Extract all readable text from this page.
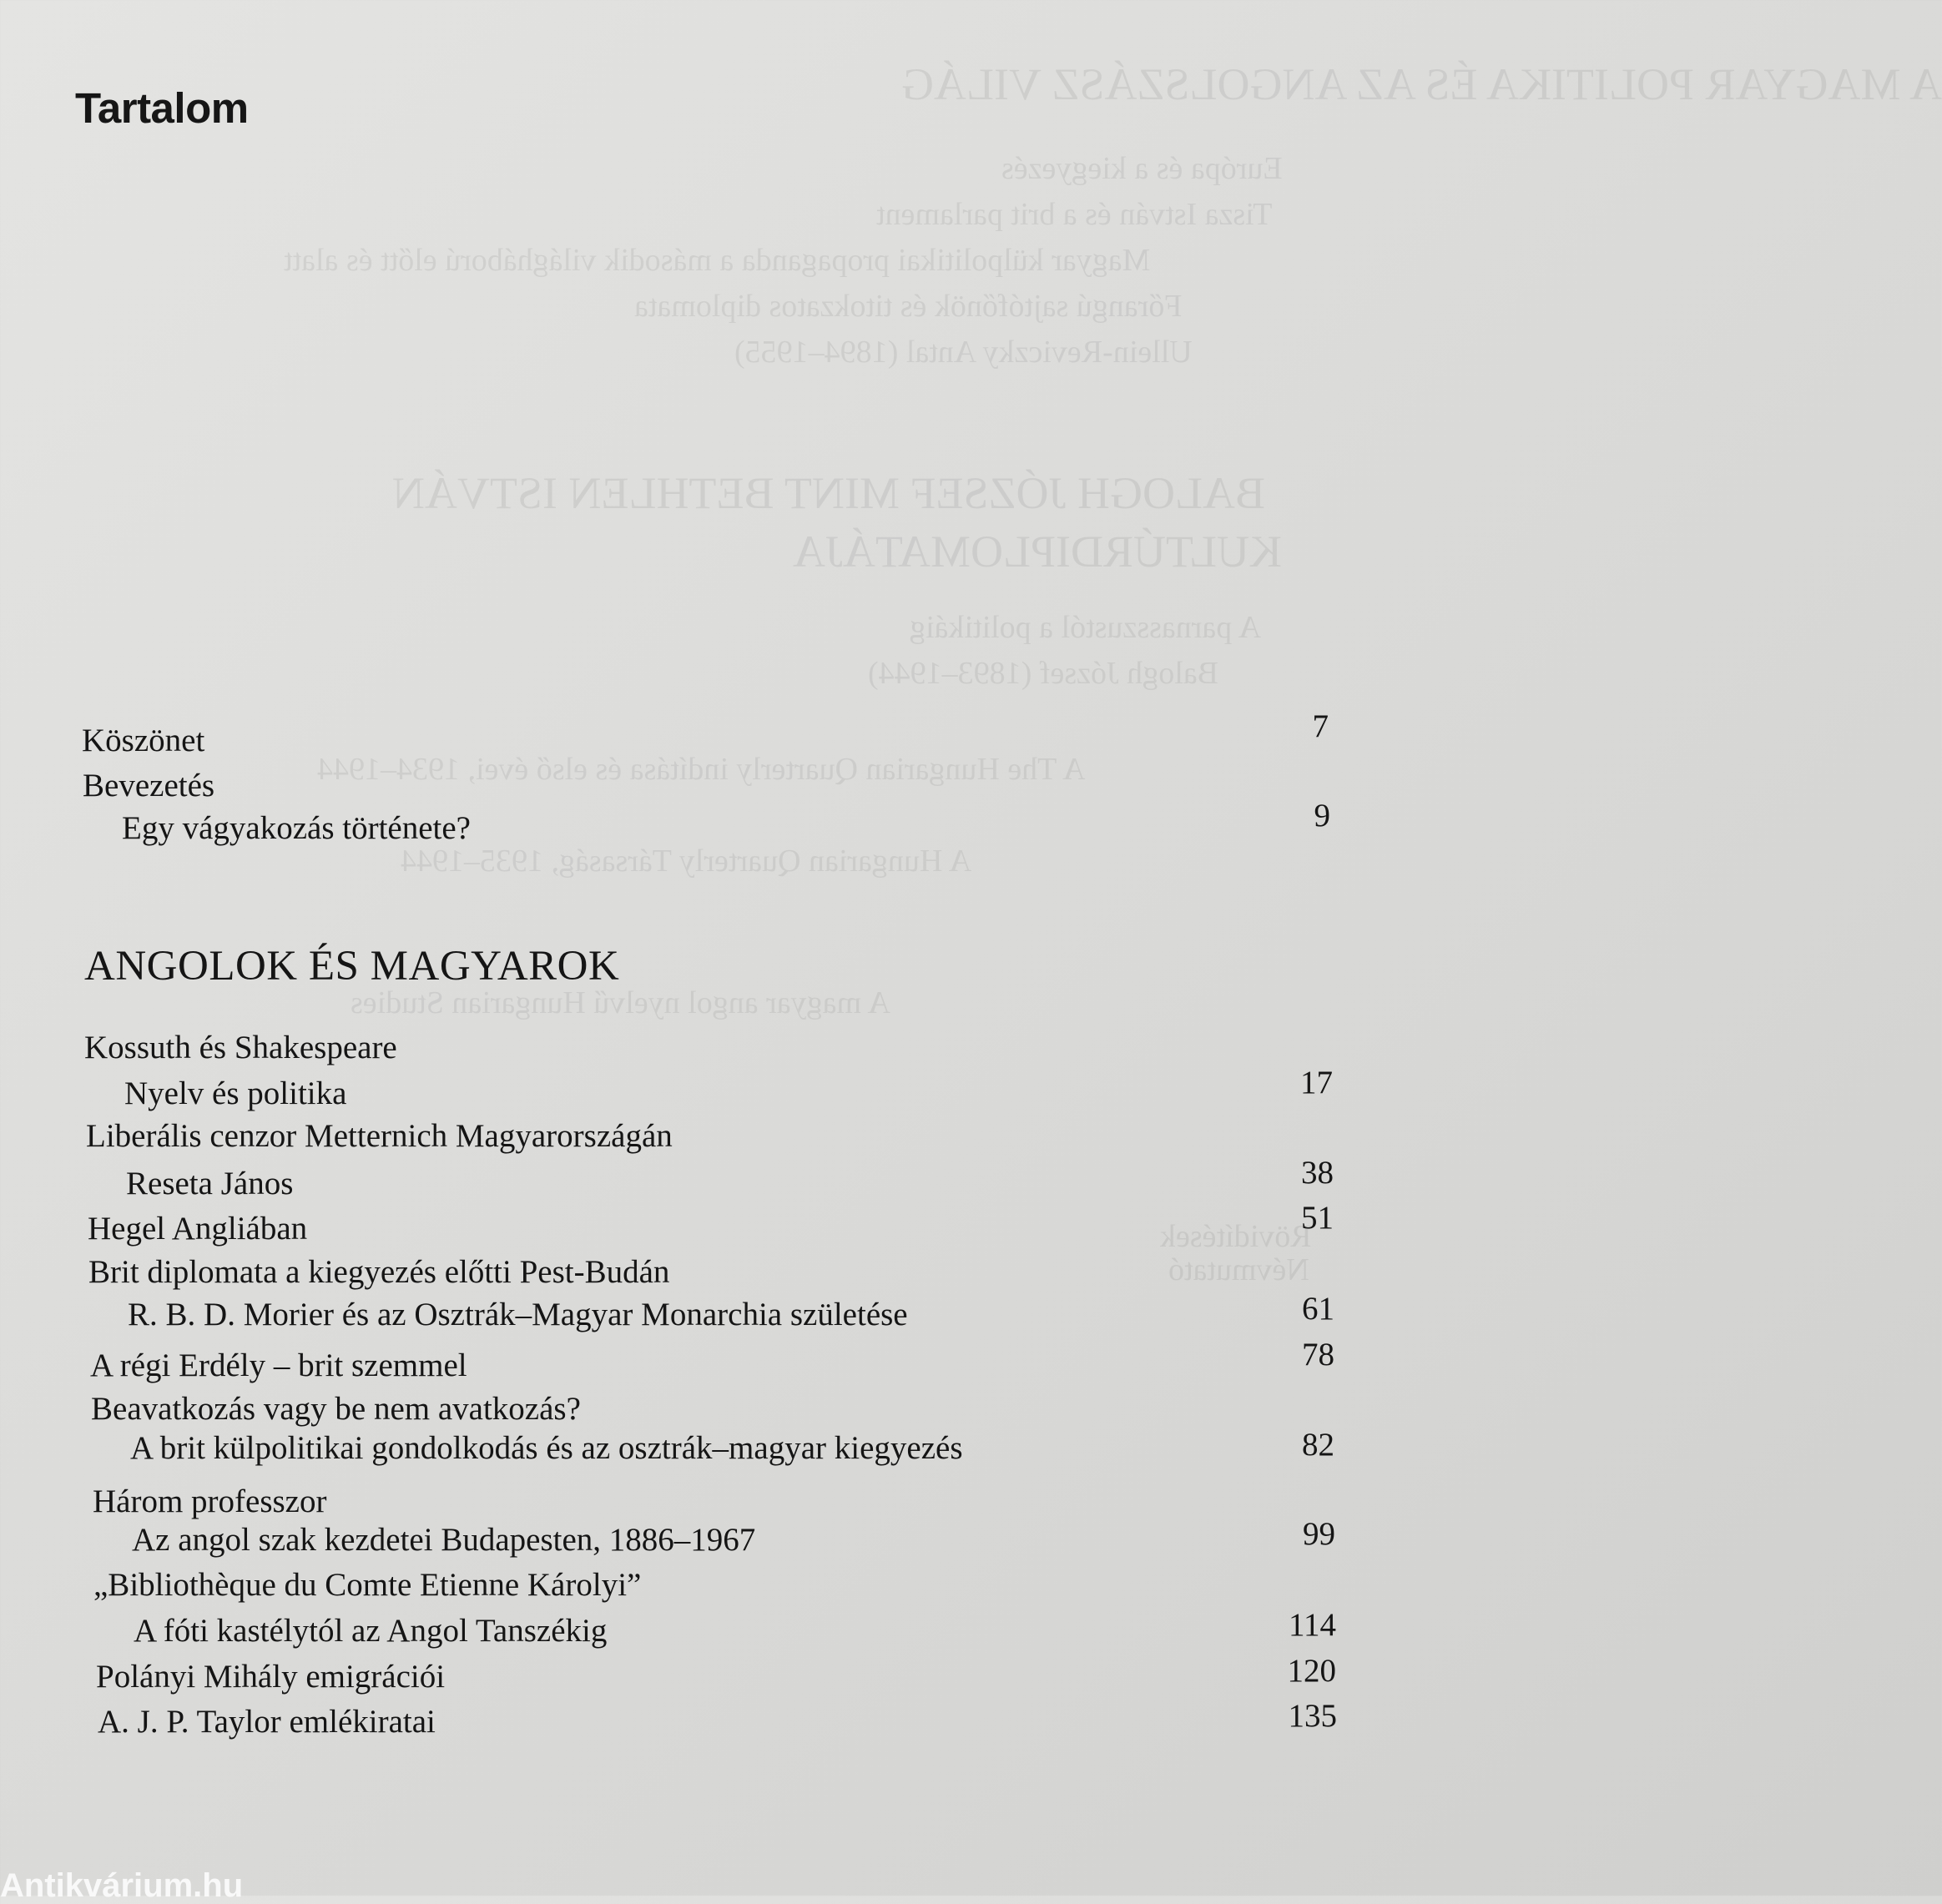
A MAGYAR POLITIKA ÉS AZ ANGOLSZÁSZ VILÁG
Európa és a kiegyezés
Tisza István és a brit parlament
Magyar külpolitikai propaganda a második világháború előtt és alatt
Főrangú sajtófőnök és titokzatos diplomata
Ullein-Reviczky Antal (1894–1955)
BALOGH JÓZSEF MINT BETHLEN ISTVÁN
KULTÚRDIPLOMATÁJA
A parnasszustól a politikáig
Balogh József (1893–1944)
A The Hungarian Quarterly indítása és első évei, 1934–1944
A Hungarian Quarterly Társaság, 1935–1944
A magyar angol nyelvű Hungarian Studies
Rövidítések
Névmutató
Tartalom
Köszönet	7
Bevezetés
Egy vágyakozás története?	9
ANGOLOK ÉS MAGYAROK
Kossuth és Shakespeare
Nyelv és politika	17
Liberális cenzor Metternich Magyarországán
Reseta János	38
Hegel Angliában	51
Brit diplomata a kiegyezés előtti Pest-Budán
R. B. D. Morier és az Osztrák–Magyar Monarchia születése	61
A régi Erdély – brit szemmel	78
Beavatkozás vagy be nem avatkozás?
A brit külpolitikai gondolkodás és az osztrák–magyar kiegyezés	82
Három professzor
Az angol szak kezdetei Budapesten, 1886–1967	99
„Bibliothèque du Comte Etienne Károlyi”
A fóti kastélytól az Angol Tanszékig	114
Polányi Mihály emigrációi	120
A. J. P. Taylor emlékiratai	135
Antikvárium.hu
